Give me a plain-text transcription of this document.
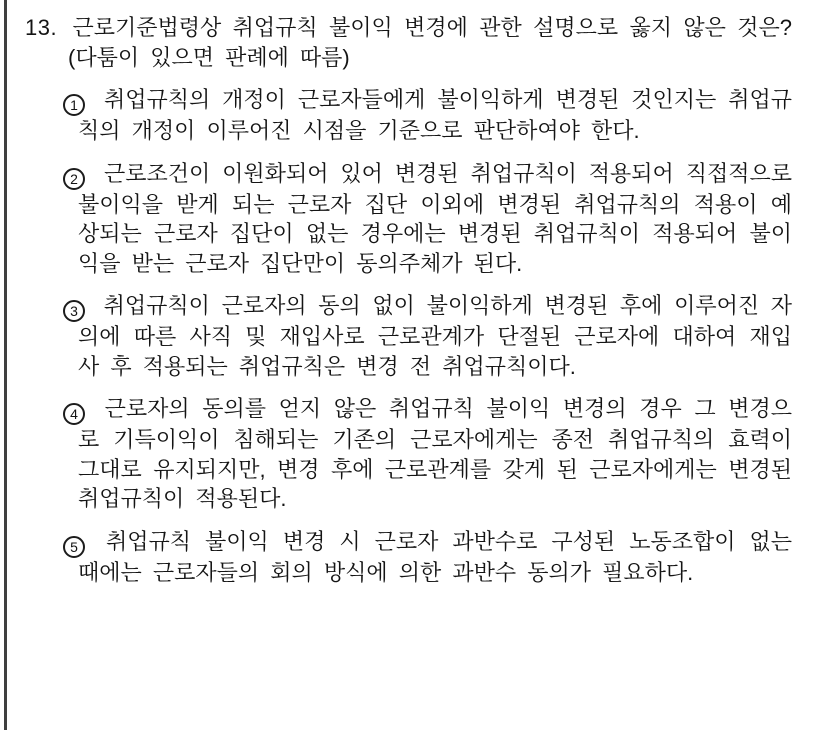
13. 근로기준법령상 취업규칙 불이익 변경에 관한 설명으로 옳지 않은 것은? (다툼이 있으면 판례에 따름)

1 취업규칙의 개정이 근로자들에게 불이익하게 변경된 것인지는 취업규칙의 개정이 이루어진 시점을 기준으로 판단하여야 한다.

2 근로조건이 이원화되어 있어 변경된 취업규칙이 적용되어 직접적으로 불이익을 받게 되는 근로자 집단 이외에 변경된 취업규칙의 적용이 예상되는 근로자 집단이 없는 경우에는 변경된 취업규칙이 적용되어 불이익을 받는 근로자 집단만이 동의주체가 된다.

3 취업규칙이 근로자의 동의 없이 불이익하게 변경된 후에 이루어진 자의에 따른 사직 및 재입사로 근로관계가 단절된 근로자에 대하여 재입사 후 적용되는 취업규칙은 변경 전 취업규칙이다.

4 근로자의 동의를 얻지 않은 취업규칙 불이익 변경의 경우 그 변경으로 기득이익이 침해되는 기존의 근로자에게는 종전 취업규칙의 효력이 그대로 유지되지만, 변경 후에 근로관계를 갖게 된 근로자에게는 변경된 취업규칙이 적용된다.

5 취업규칙 불이익 변경 시 근로자 과반수로 구성된 노동조합이 없는 때에는 근로자들의 회의 방식에 의한 과반수 동의가 필요하다.
